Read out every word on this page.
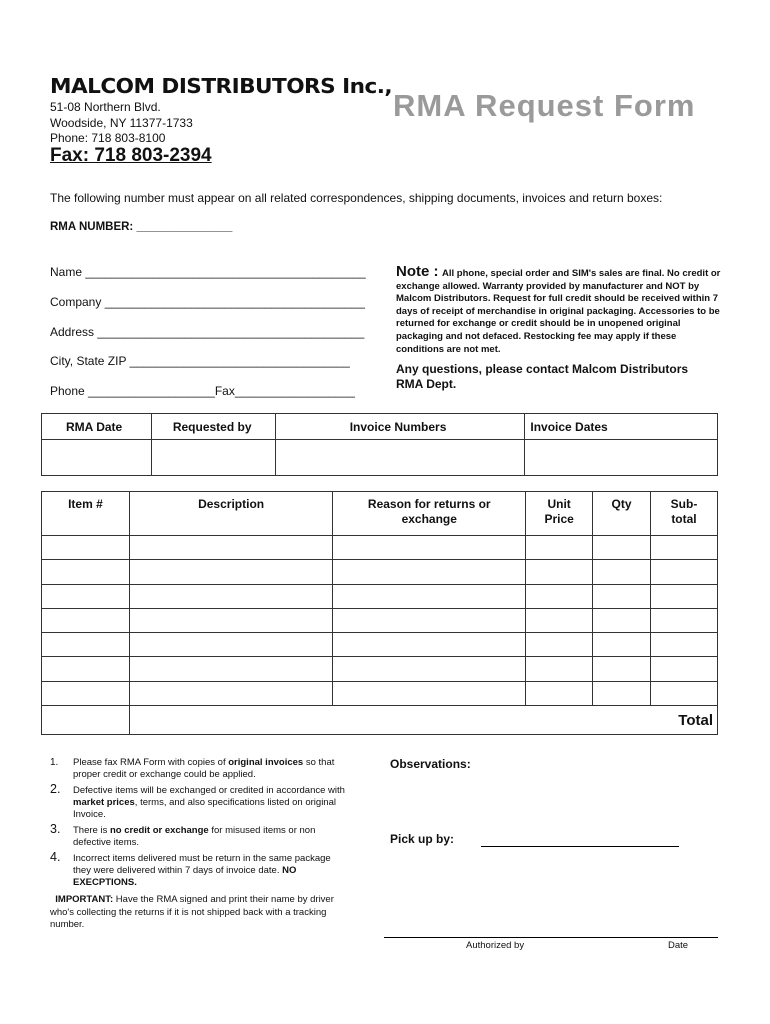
MALCOM DISTRIBUTORS Inc.,
51-08 Northern Blvd.
Woodside, NY 11377-1733
Phone: 718 803-8100
Fax: 718 803-2394
RMA Request Form
The following number must appear on all related correspondences, shipping documents, invoices and return boxes:
RMA NUMBER: _______________
Name __________________________________________
Company _______________________________________
Address ________________________________________
City, State ZIP _________________________________
Phone ___________________Fax__________________
Note : All phone, special order and SIM's sales are final. No credit or exchange allowed. Warranty provided by manufacturer and NOT by Malcom Distributors. Request for full credit should be received within 7 days of receipt of merchandise in original packaging. Accessories to be returned for exchange or credit should be in unopened original packaging and not defaced. Restocking fee may apply if these conditions are not met.
Any questions, please contact Malcom Distributors RMA Dept.
RMA Date	Requested by	Invoice Numbers	Invoice Dates

Item #	Description	Reason for returns or exchange	Unit Price	Qty	Sub-total

	Total				
1. Please fax RMA Form with copies of original invoices so that proper credit or exchange could be applied.
2. Defective items will be exchanged or credited in accordance with market prices, terms, and also specifications listed on original Invoice.
3. There is no credit or exchange for misused items or non defective items.
4. Incorrect items delivered must be return in the same package they were delivered within 7 days of invoice date. NO EXECPTIONS.
IMPORTANT: Have the RMA signed and print their name by driver who's collecting the returns if it is not shipped back with a tracking number.
Observations:
Pick up by:
Authorized by	Date
